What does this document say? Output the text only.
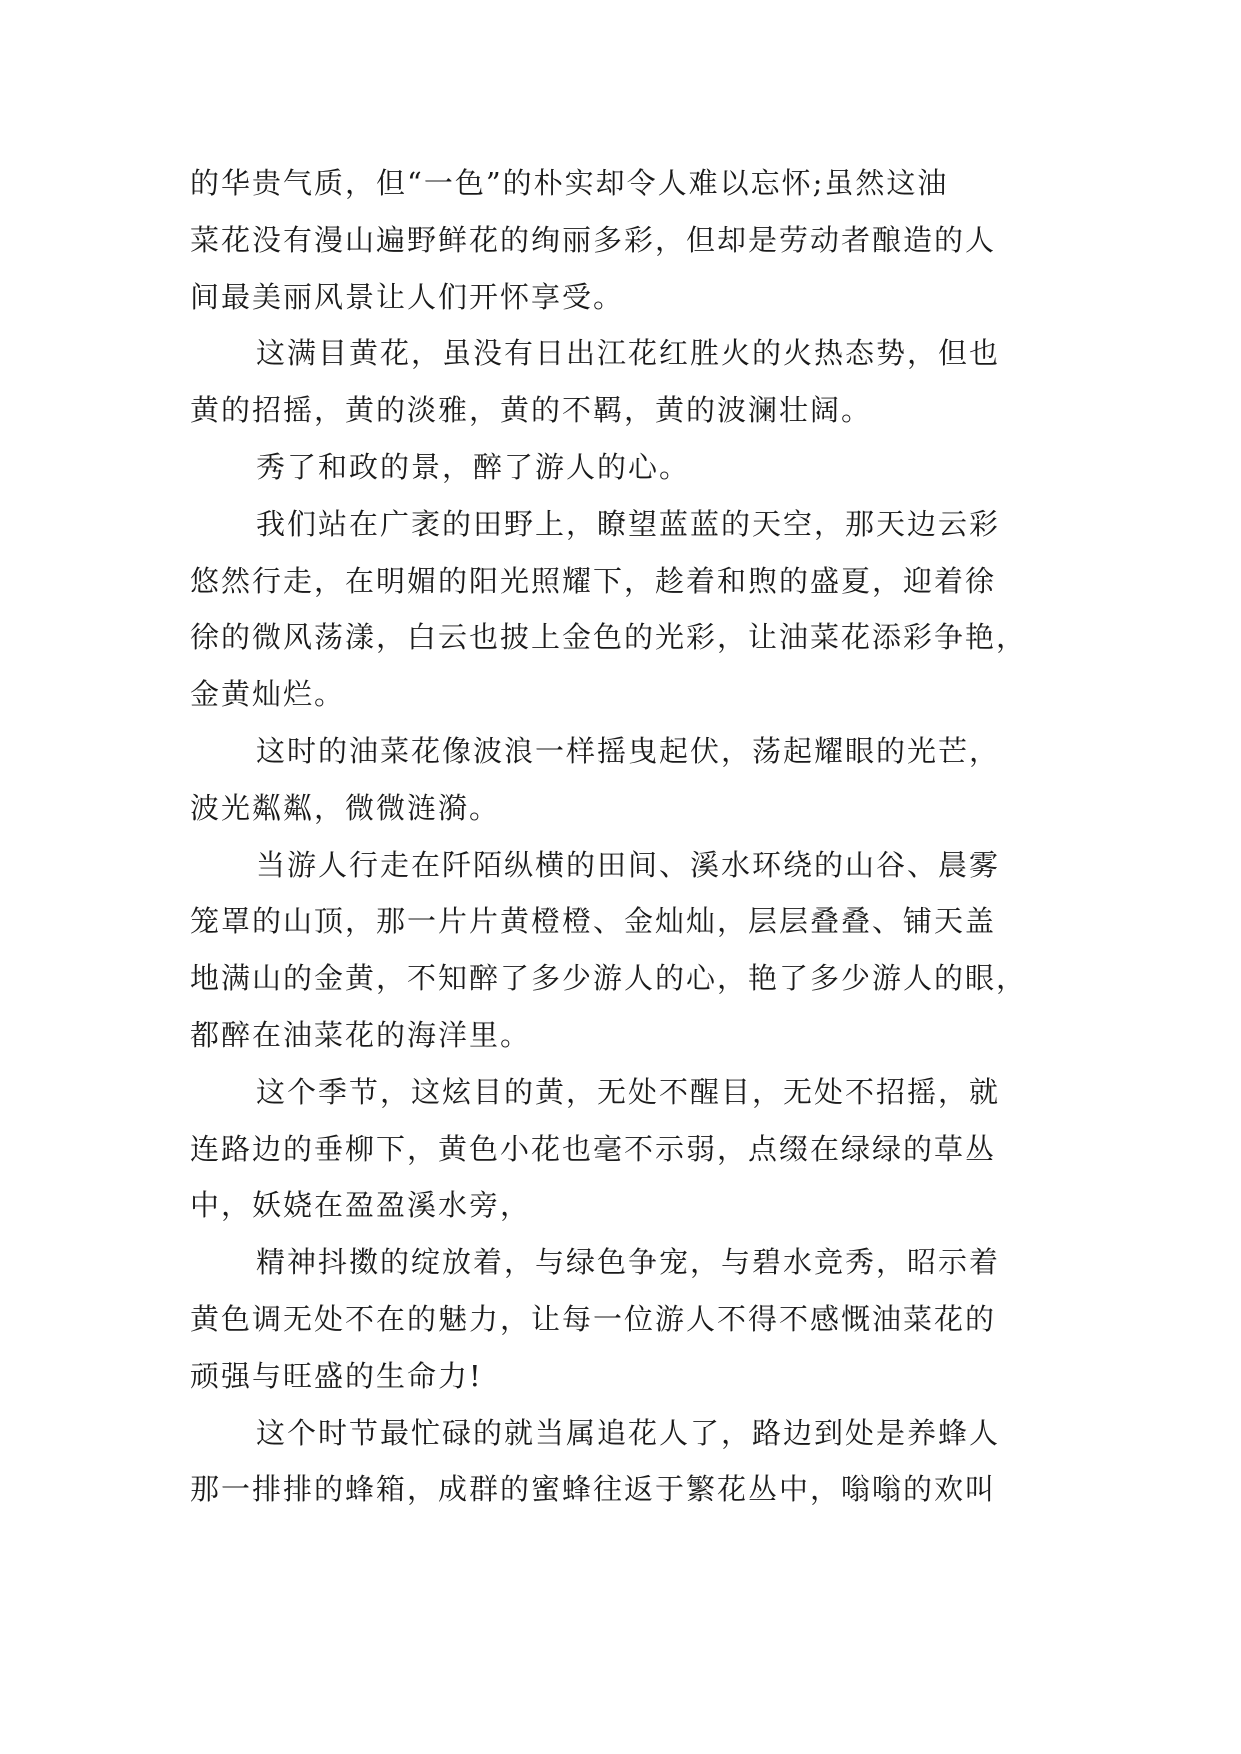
的华贵气质，但“一色”的朴实却令人难以忘怀;虽然这油
菜花没有漫山遍野鲜花的绚丽多彩，但却是劳动者酿造的人
间最美丽风景让人们开怀享受。
这满目黄花，虽没有日出江花红胜火的火热态势，但也
黄的招摇，黄的淡雅，黄的不羁，黄的波澜壮阔。
秀了和政的景，醉了游人的心。
我们站在广袤的田野上，瞭望蓝蓝的天空，那天边云彩
悠然行走，在明媚的阳光照耀下，趁着和煦的盛夏，迎着徐
徐的微风荡漾，白云也披上金色的光彩，让油菜花添彩争艳，
金黄灿烂。
这时的油菜花像波浪一样摇曳起伏，荡起耀眼的光芒，
波光粼粼，微微涟漪。
当游人行走在阡陌纵横的田间、溪水环绕的山谷、晨雾
笼罩的山顶，那一片片黄橙橙、金灿灿，层层叠叠、铺天盖
地满山的金黄，不知醉了多少游人的心，艳了多少游人的眼，
都醉在油菜花的海洋里。
这个季节，这炫目的黄，无处不醒目，无处不招摇，就
连路边的垂柳下，黄色小花也毫不示弱，点缀在绿绿的草丛
中，妖娆在盈盈溪水旁，
精神抖擞的绽放着，与绿色争宠，与碧水竞秀，昭示着
黄色调无处不在的魅力，让每一位游人不得不感慨油菜花的
顽强与旺盛的生命力!
这个时节最忙碌的就当属追花人了，路边到处是养蜂人
那一排排的蜂箱，成群的蜜蜂往返于繁花丛中，嗡嗡的欢叫
